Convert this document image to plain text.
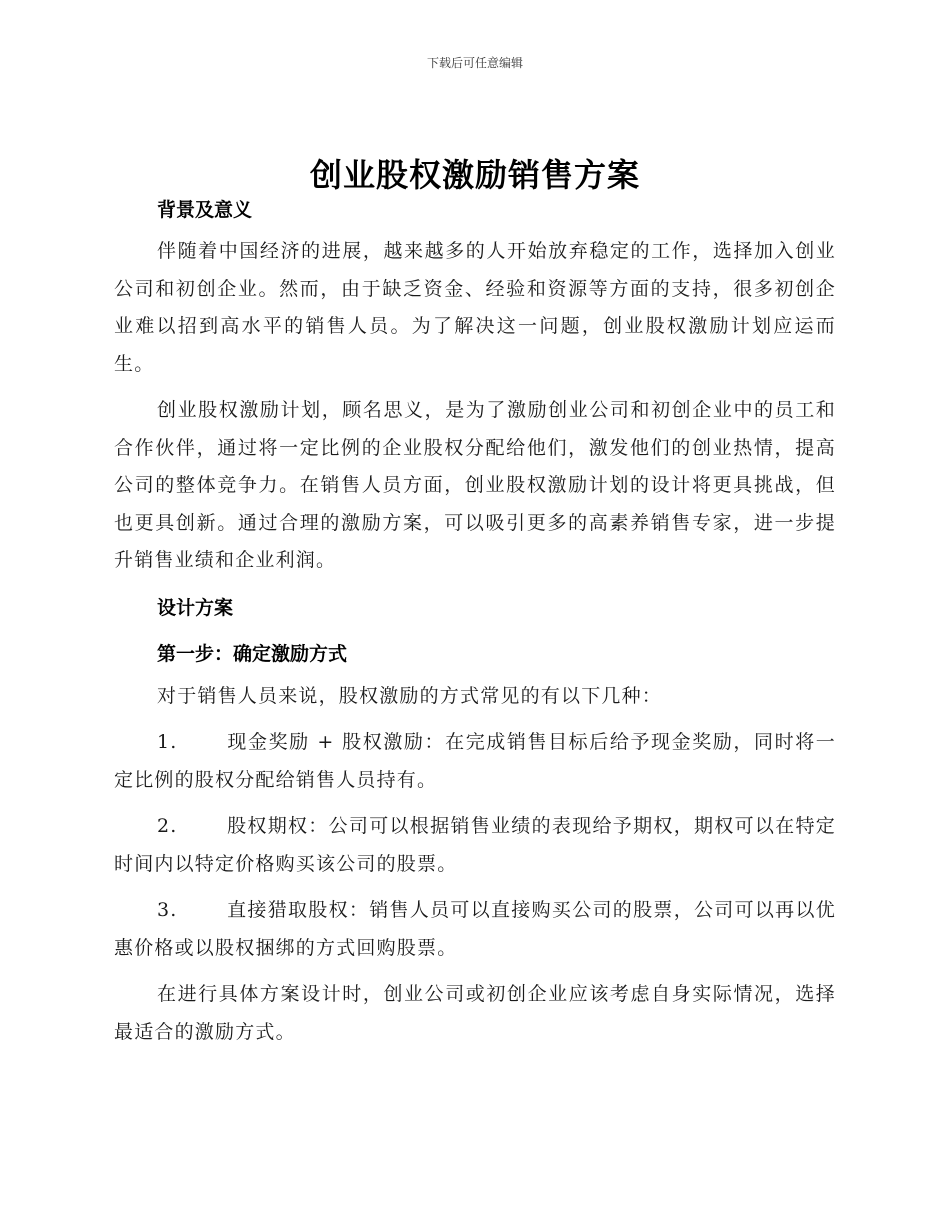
下载后可任意编辑
创业股权激励销售方案
背景及意义

伴随着中国经济的进展，越来越多的人开始放弃稳定的工作，选择加入创业公司和初创企业。然而，由于缺乏资金、经验和资源等方面的支持，很多初创企业难以招到高水平的销售人员。为了解决这一问题，创业股权激励计划应运而生。

创业股权激励计划，顾名思义，是为了激励创业公司和初创企业中的员工和合作伙伴，通过将一定比例的企业股权分配给他们，激发他们的创业热情，提高公司的整体竞争力。在销售人员方面，创业股权激励计划的设计将更具挑战，但也更具创新。通过合理的激励方案，可以吸引更多的高素养销售专家，进一步提升销售业绩和企业利润。

设计方案
第一步：确定激励方式

对于销售人员来说，股权激励的方式常见的有以下几种：

1.	现金奖励 + 股权激励：在完成销售目标后给予现金奖励，同时将一定比例的股权分配给销售人员持有。
2.	股权期权：公司可以根据销售业绩的表现给予期权，期权可以在特定时间内以特定价格购买该公司的股票。
3.	直接猎取股权：销售人员可以直接购买公司的股票，公司可以再以优惠价格或以股权捆绑的方式回购股票。

在进行具体方案设计时，创业公司或初创企业应该考虑自身实际情况，选择最适合的激励方式。
